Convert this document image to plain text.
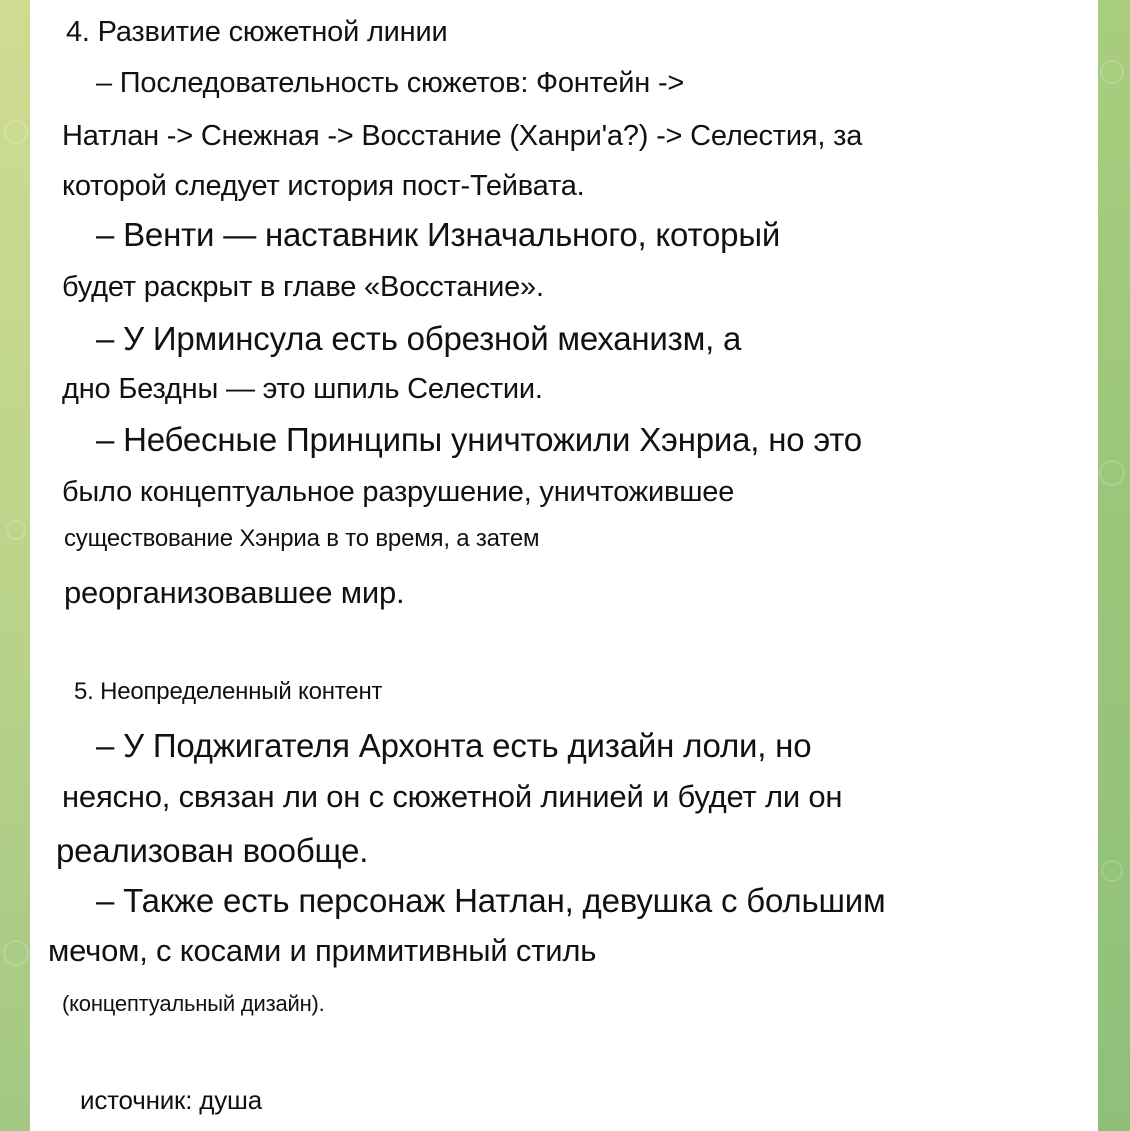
4. Развитие сюжетной линии
– Последовательность сюжетов: Фонтейн ->
Натлан -> Снежная -> Восстание (Ханри'а?) -> Селестия, за
которой следует история пост-Тейвата.
– Венти — наставник Изначального, который
будет раскрыт в главе «Восстание».
– У Ирминсула есть обрезной механизм, а
дно Бездны — это шпиль Селестии.
– Небесные Принципы уничтожили Хэнриа, но это
было концептуальное разрушение, уничтожившее
существование Хэнриа в то время, а затем
реорганизовавшее мир.
5. Неопределенный контент
– У Поджигателя Архонта есть дизайн лоли, но
неясно, связан ли он с сюжетной линией и будет ли он
реализован вообще.
– Также есть персонаж Натлан, девушка с большим
мечом, с косами и примитивный стиль
(концептуальный дизайн).
источник: душа
